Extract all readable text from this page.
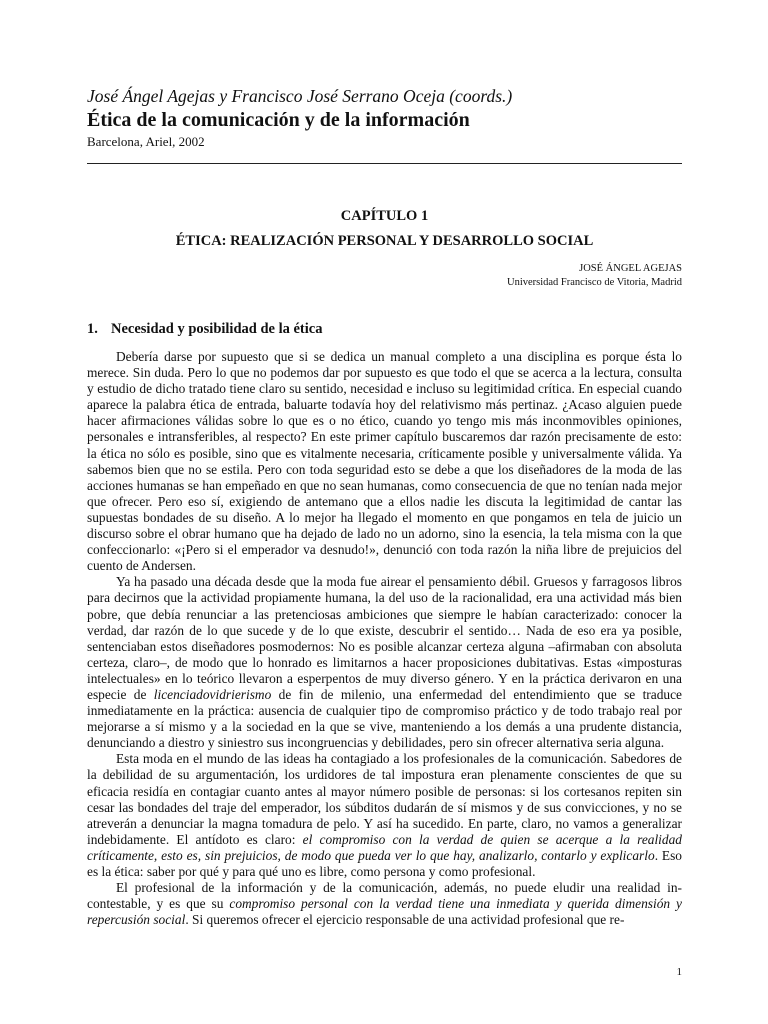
José Ángel Agejas y Francisco José Serrano Oceja (coords.)
Ética de la comunicación y de la información
Barcelona, Ariel, 2002
CAPÍTULO 1
ÉTICA: REALIZACIÓN PERSONAL Y DESARROLLO SOCIAL
JOSÉ ÁNGEL AGEJAS
Universidad Francisco de Vitoria, Madrid
1. Necesidad y posibilidad de la ética

Debería darse por supuesto que si se dedica un manual completo a una disciplina es porque ésta lo merece. Sin duda. Pero lo que no podemos dar por supuesto es que todo el que se acerca a la lectura, consulta y estudio de dicho tratado tiene claro su sentido, necesidad e incluso su legitimidad crítica. En especial cuando aparece la palabra ética de entrada, baluarte todavía hoy del relativismo más pertinaz. ¿Acaso alguien puede hacer afirmaciones válidas sobre lo que es o no ético, cuando yo tengo mis más inconmovibles opiniones, personales e intransferibles, al respecto? En este primer capítulo buscaremos dar razón precisamente de esto: la ética no sólo es posible, sino que es vitalmente necesaria, críticamente posible y universalmente válida. Ya sabemos bien que no se estila. Pero con toda seguridad esto se debe a que los diseñadores de la moda de las acciones humanas se han empeñado en que no sean humanas, como consecuencia de que no tenían nada mejor que ofrecer. Pero eso sí, exigiendo de antemano que a ellos nadie les discuta la legitimidad de cantar las supuestas bondades de su diseño. A lo mejor ha llegado el momento en que pongamos en tela de juicio un discurso sobre el obrar humano que ha dejado de lado no un adorno, sino la esencia, la tela misma con la que confeccionarlo: «¡Pero si el emperador va desnudo!», denunció con toda razón la niña libre de prejuicios del cuento de Andersen.

Ya ha pasado una década desde que la moda fue airear el pensamiento débil. Gruesos y farragosos libros para decirnos que la actividad propiamente humana, la del uso de la racionalidad, era una actividad más bien pobre, que debía renunciar a las pretenciosas ambiciones que siempre le habían caracterizado: conocer la verdad, dar razón de lo que sucede y de lo que existe, descubrir el sentido… Nada de eso era ya posible, sentenciaban estos diseñadores posmodernos: No es posible alcanzar certeza alguna –afirmaban con absoluta certeza, claro–, de modo que lo honrado es limitarnos a hacer proposiciones dubitativas. Estas «imposturas intelectuales» en lo teórico llevaron a esperpentos de muy diverso género. Y en la práctica derivaron en una especie de licenciadovidrierismo de fin de milenio, una enfermedad del entendimiento que se traduce inmediatamente en la práctica: ausencia de cualquier tipo de compromiso práctico y de todo trabajo real por mejorarse a sí mismo y a la sociedad en la que se vive, manteniendo a los demás a una prudente distancia, denunciando a diestro y siniestro sus incongruencias y debilidades, pero sin ofrecer alternativa seria alguna.

Esta moda en el mundo de las ideas ha contagiado a los profesionales de la comunicación. Sabedores de la debilidad de su argumentación, los urdidores de tal impostura eran plenamente conscientes de que su eficacia residía en contagiar cuanto antes al mayor número posible de personas: si los cortesanos repiten sin cesar las bondades del traje del emperador, los súbditos dudarán de sí mismos y de sus convicciones, y no se atreverán a denunciar la magna tomadura de pelo. Y así ha sucedido. En parte, claro, no vamos a generalizar indebidamente. El antídoto es claro: el compromiso con la verdad de quien se acerque a la realidad críticamente, esto es, sin prejuicios, de modo que pueda ver lo que hay, analizarlo, contarlo y explicarlo. Eso es la ética: saber por qué y para qué uno es libre, como persona y como profesional.

El profesional de la información y de la comunicación, además, no puede eludir una realidad incontestable, y es que su compromiso personal con la verdad tiene una inmediata y querida dimensión y repercusión social. Si queremos ofrecer el ejercicio responsable de una actividad profesional que re-

1
